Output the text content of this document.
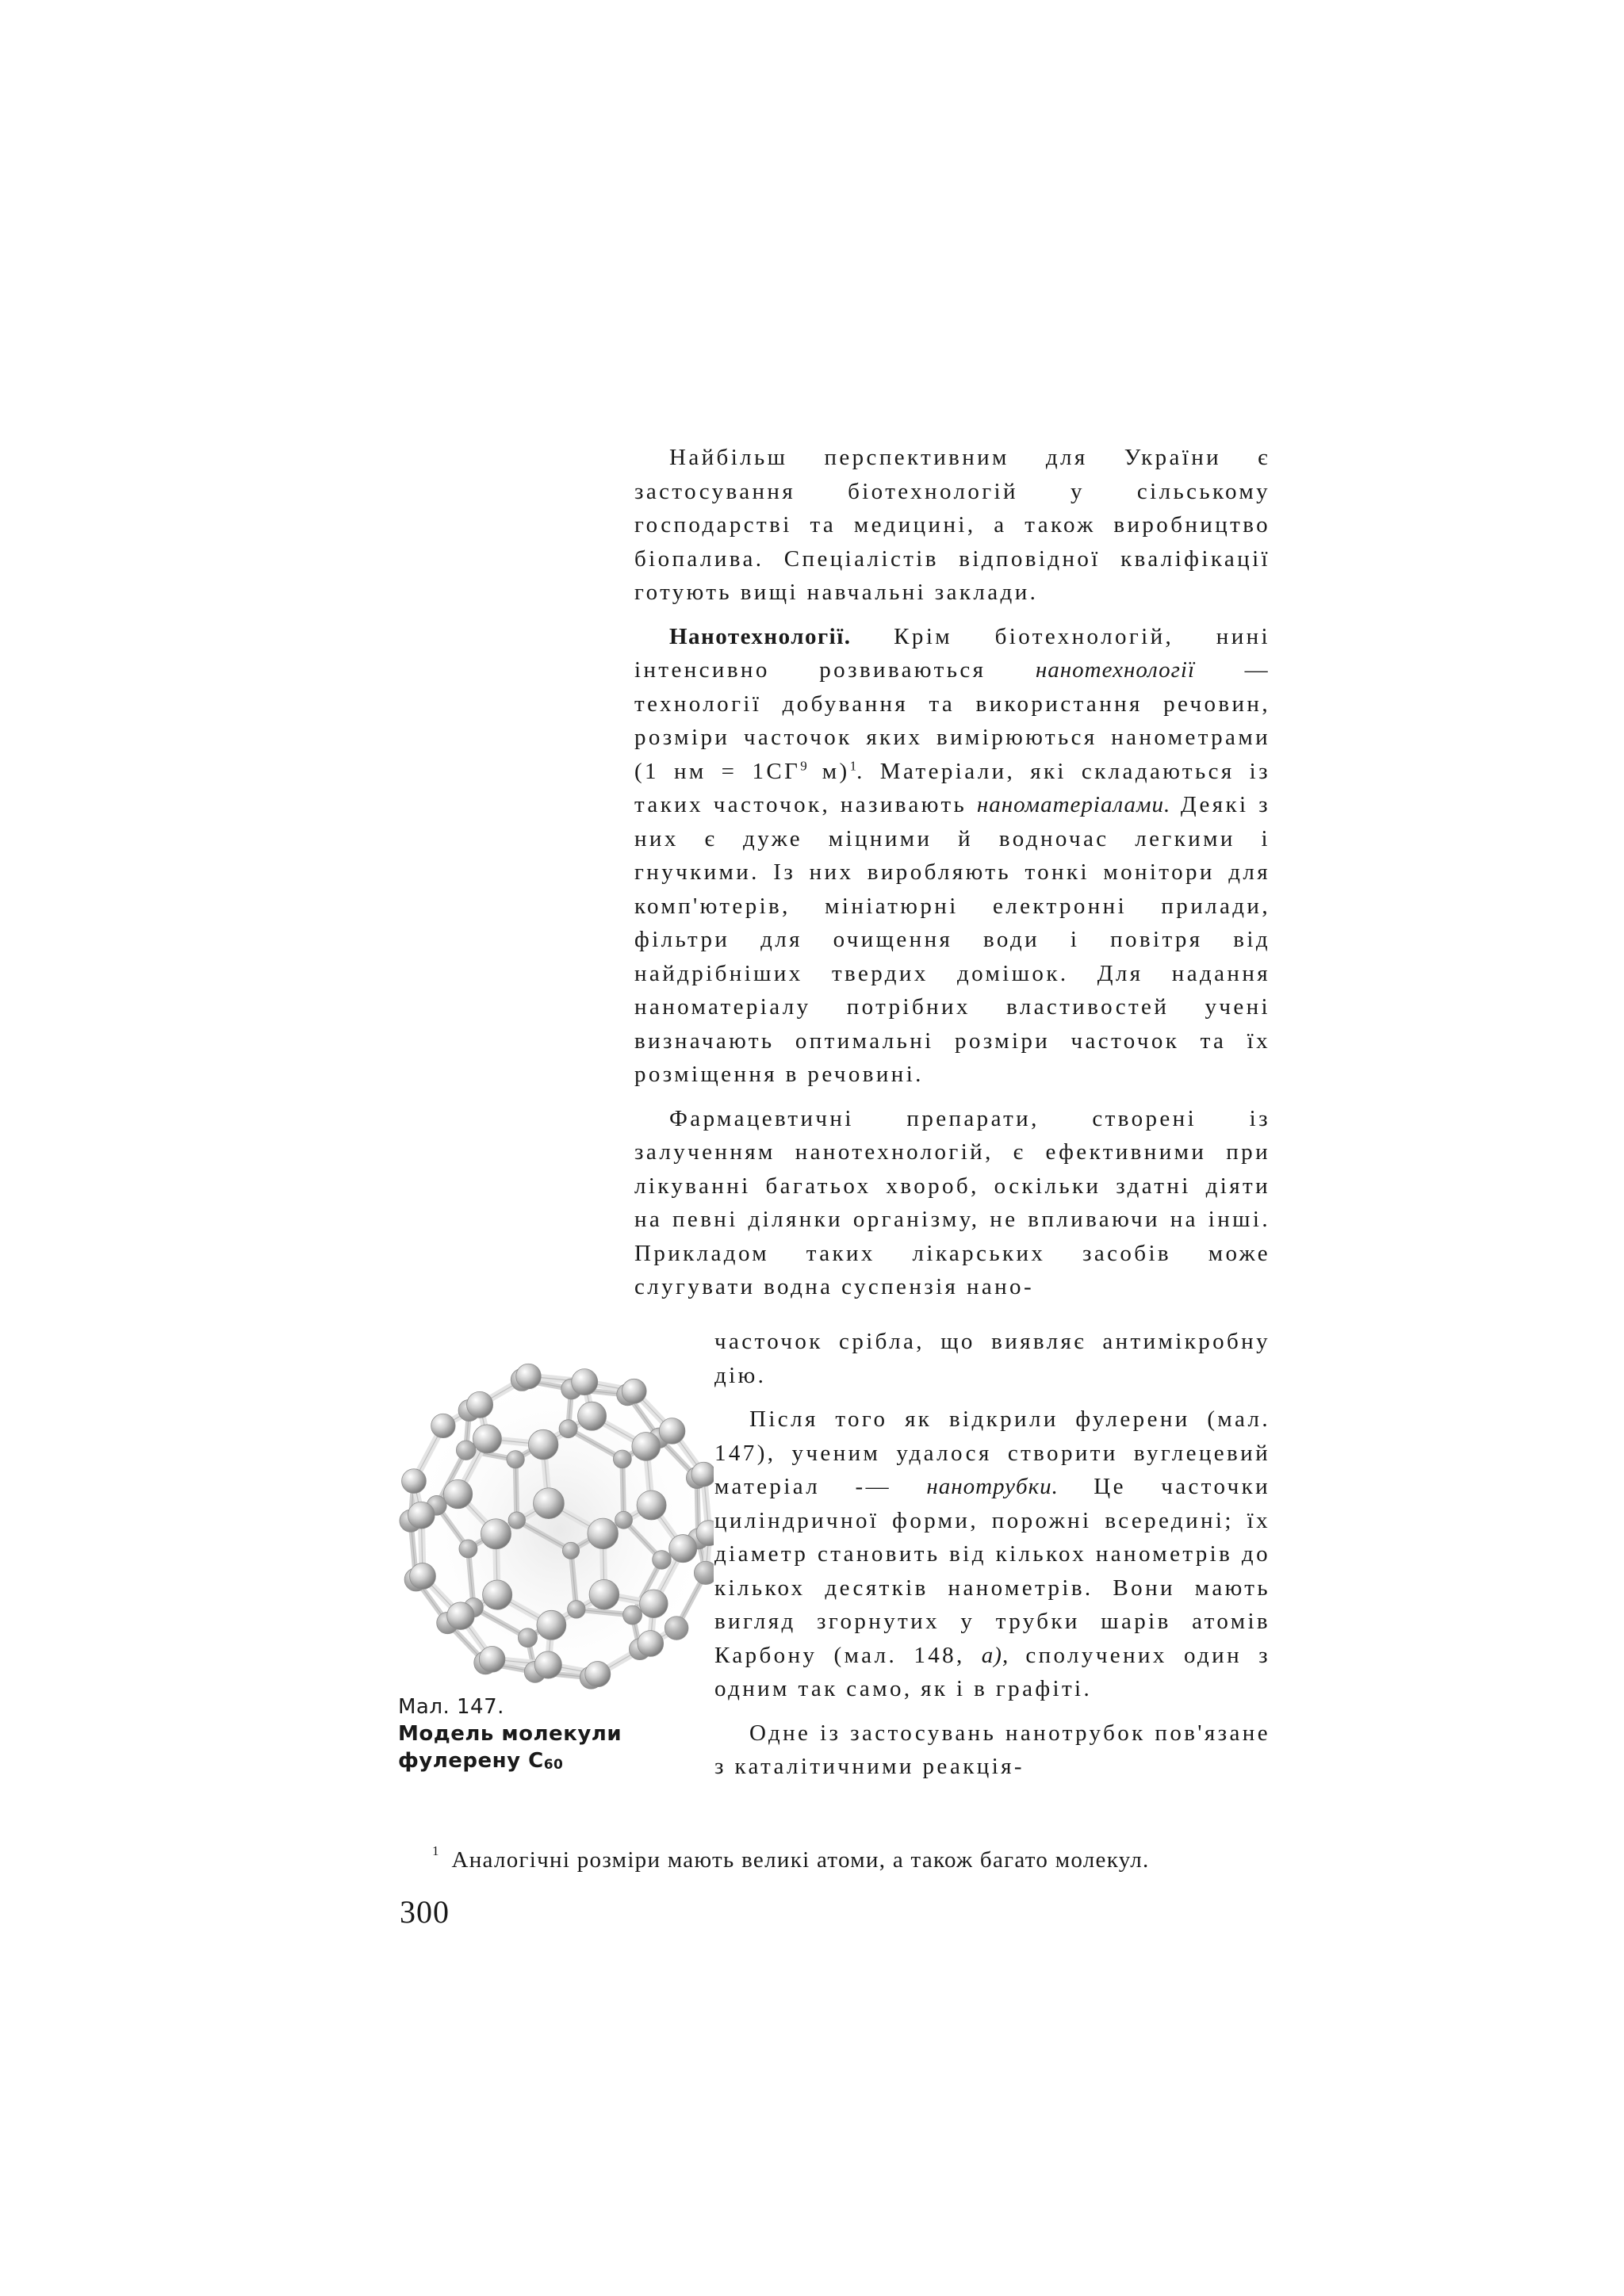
Найбільш перспективним для України є застосування біотехнологій у сільському господарстві та медицині, а також виробництво біопалива. Спеціалістів відповідної кваліфікації готують вищі навчальні заклади.

Нанотехнології. Крім біотехнологій, нині інтенсивно розвиваються нанотехнології — технології добування та використання речовин, розміри часточок яких вимірюються нанометрами (1 нм = $1СГ^9$ м)$^1$. Матеріали, які складаються із таких часточок, називають наноматеріалами. Деякі з них є дуже міцними й водночас легкими і гнучкими. Із них виробляють тонкі монітори для комп'ютерів, мініатюрні електронні прилади, фільтри для очищення води і повітря від найдрібніших твердих домішок. Для надання наноматеріалу потрібних властивостей учені визначають оптимальні розміри часточок та їх розміщення в речовині.

Фармацевтичні препарати, створені із залученням нанотехнологій, є ефективними при лікуванні багатьох хвороб, оскільки здатні діяти на певні ділянки організму, не впливаючи на інші. Прикладом таких лікарських засобів може слугувати водна суспензія нано-

часточок срібла, що виявляє антимікробну дію.

Після того як відкрили фулерени (мал. 147), ученим удалося створити вуглецевий матеріал -— нанотрубки. Це часточки циліндричної форми, порожні всередині; їх діаметр становить від кількох нанометрів до кількох десятків нанометрів. Вони мають вигляд згорнутих у трубки шарів атомів Карбону (мал. 148, а), сполучених один з одним так само, як і в графіті.

Одне із застосувань нанотрубок пов'язане з каталітичними реакція-

Мал. 147.
Модель молекули фулерену $С_{60}$
$^1$ Аналогічні розміри мають великі атоми, а також багато молекул.
300
